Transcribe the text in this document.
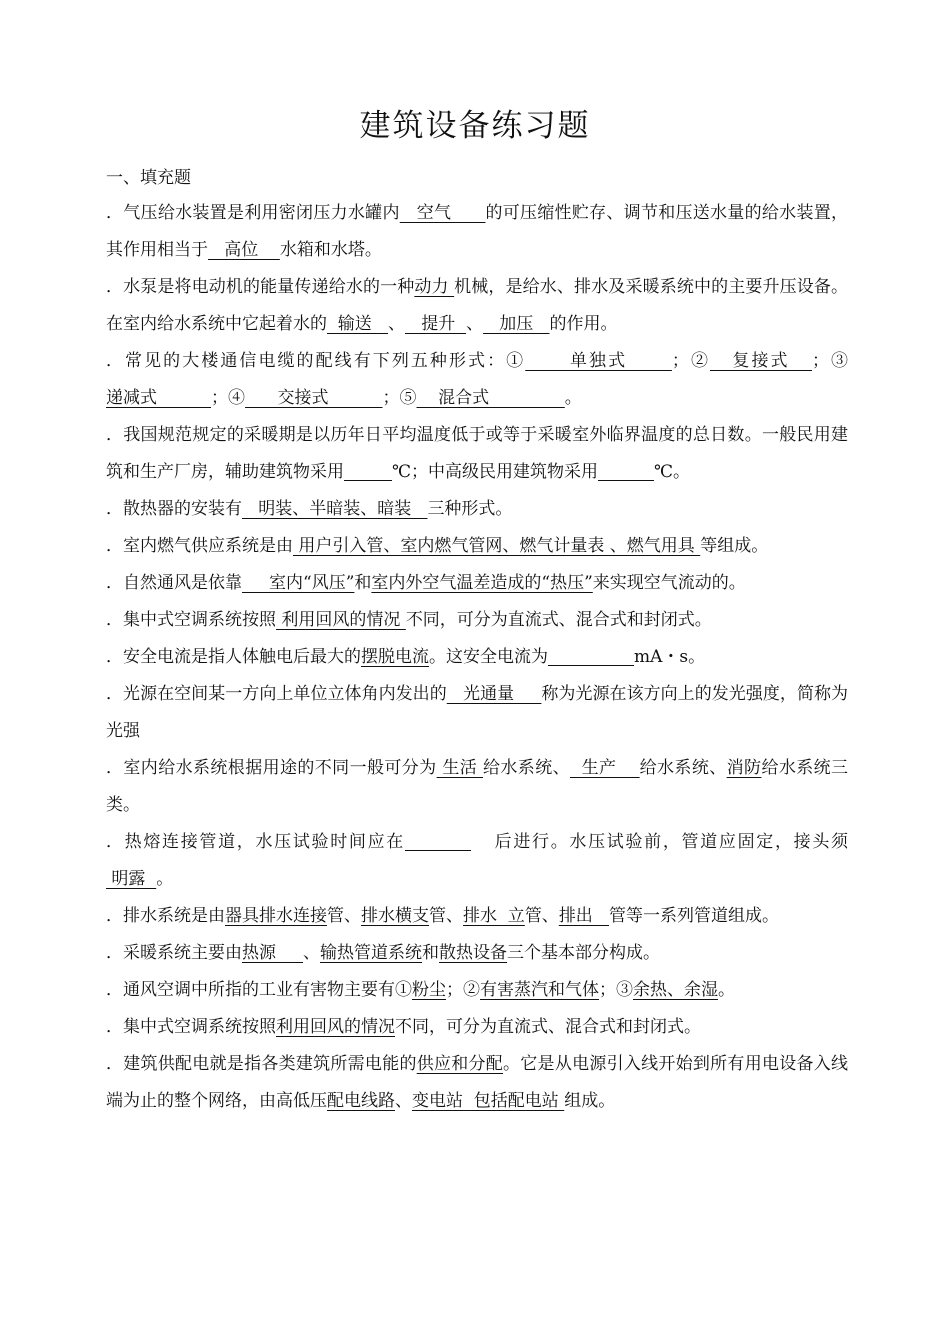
建筑设备练习题

一、填充题

．气压给水装置是利用密闭压力水罐内   空气      的可压缩性贮存、调节和压送水量的给水装置，其作用相当于   高位    水箱和水塔。

．水泵是将电动机的能量传递给水的一种动力 机械，是给水、排水及采暖系统中的主要升压设备。在室内给水系统中它起着水的  输送   、   提升  、   加压   的作用。

．常见的大楼通信电缆的配线有下列五种形式：①      单独式      ；②   复接式   ；③递减式          ；④      交接式          ；⑤    混合式              。

．我国规范规定的采暖期是以历年日平均温度低于或等于采暖室外临界温度的总日数。一般民用建筑和生产厂房，辅助建筑物采用	℃；中高级民用建筑物采用	℃。

．散热器的安装有   明装、半暗装、暗装   三种形式。

．室内燃气供应系统是由 用户引入管、室内燃气管网、燃气计量表 、燃气用具 等组成。

．自然通风是依靠     室内“风压”和室内外空气温差造成的“热压”来实现空气流动的。

．集中式空调系统按照 利用回风的情况 不同，可分为直流式、混合式和封闭式。

．安全电流是指人体触电后最大的摆脱电流。这安全电流为	mA・s。

．光源在空间某一方向上单位立体角内发出的   光通量     称为光源在该方向上的发光强度，简称为光强

．室内给水系统根据用途的不同一般可分为 生活 给水系统、  生产    给水系统、消防给水系统三类。

．热熔连接管道，水压试验时间应在	后进行。水压试验前，管道应固定，接头须 明露  。

．排水系统是由器具排水连接管、排水横支管、排水  立管、排出   管等一系列管道组成。

．采暖系统主要由热源     、输热管道系统和散热设备三个基本部分构成。

．通风空调中所指的工业有害物主要有①粉尘；②有害蒸汽和气体；③余热、余湿。

．集中式空调系统按照利用回风的情况不同，可分为直流式、混合式和封闭式。

．建筑供配电就是指各类建筑所需电能的供应和分配。它是从电源引入线开始到所有用电设备入线端为止的整个网络，由高低压配电线路、变电站  包括配电站 组成。
